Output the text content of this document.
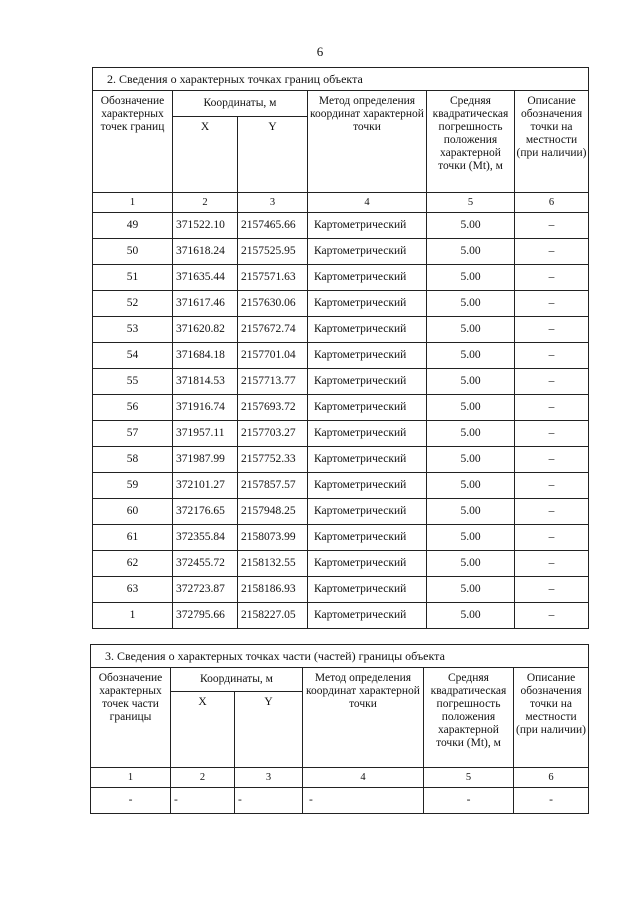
6
2. Сведения о характерных точках границ объекта					
Обозначение характерных точек границ	Координаты, м		Метод определения координат характерной точки	Средняя квадратическая погрешность положения характерной точки (Mt), м	Описание обозначения точки на местности (при наличии)
	X	Y			
1	2	3	4	5	6
49	371522.10	2157465.66	Картометрический	5.00	–
50	371618.24	2157525.95	Картометрический	5.00	–
51	371635.44	2157571.63	Картометрический	5.00	–
52	371617.46	2157630.06	Картометрический	5.00	–
53	371620.82	2157672.74	Картометрический	5.00	–
54	371684.18	2157701.04	Картометрический	5.00	–
55	371814.53	2157713.77	Картометрический	5.00	–
56	371916.74	2157693.72	Картометрический	5.00	–
57	371957.11	2157703.27	Картометрический	5.00	–
58	371987.99	2157752.33	Картометрический	5.00	–
59	372101.27	2157857.57	Картометрический	5.00	–
60	372176.65	2157948.25	Картометрический	5.00	–
61	372355.84	2158073.99	Картометрический	5.00	–
62	372455.72	2158132.55	Картометрический	5.00	–
63	372723.87	2158186.93	Картометрический	5.00	–
1	372795.66	2158227.05	Картометрический	5.00	–
3. Сведения о характерных точках части (частей) границы объекта					
Обозначение характерных точек части границы	Координаты, м		Метод определения координат характерной точки	Средняя квадратическая погрешность положения характерной точки (Mt), м	Описание обозначения точки на местности (при наличии)
	X	Y			
1	2	3	4	5	6
-	-	-	-	-	-
